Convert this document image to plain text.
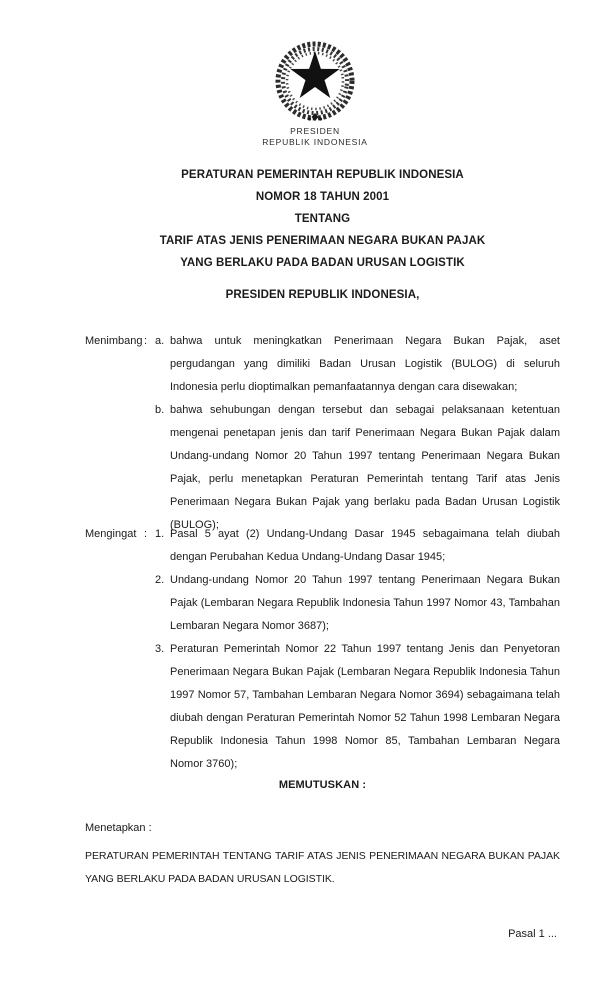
PRESIDEN
REPUBLIK INDONESIA
PERATURAN PEMERINTAH REPUBLIK INDONESIA
NOMOR 18 TAHUN 2001
TENTANG
TARIF ATAS JENIS PENERIMAAN NEGARA BUKAN PAJAK
YANG BERLAKU PADA BADAN URUSAN LOGISTIK
PRESIDEN REPUBLIK INDONESIA,
Menimbang : a. bahwa untuk meningkatkan Penerimaan Negara Bukan Pajak, aset pergudangan yang dimiliki Badan Urusan Logistik (BULOG) di seluruh Indonesia perlu dioptimalkan pemanfaatannya dengan cara disewakan;
b. bahwa sehubungan dengan tersebut dan sebagai pelaksanaan ketentuan mengenai penetapan jenis dan tarif Penerimaan Negara Bukan Pajak dalam Undang-undang Nomor 20 Tahun 1997 tentang Penerimaan Negara Bukan Pajak, perlu menetapkan Peraturan Pemerintah tentang Tarif atas Jenis Penerimaan Negara Bukan Pajak yang berlaku pada Badan Urusan Logistik (BULOG);
Mengingat : 1. Pasal 5 ayat (2) Undang-Undang Dasar 1945 sebagaimana telah diubah dengan Perubahan Kedua Undang-Undang Dasar 1945;
2. Undang-undang Nomor 20 Tahun 1997 tentang Penerimaan Negara Bukan Pajak (Lembaran Negara Republik Indonesia Tahun 1997 Nomor 43, Tambahan Lembaran Negara Nomor 3687);
3. Peraturan Pemerintah Nomor 22 Tahun 1997 tentang Jenis dan Penyetoran Penerimaan Negara Bukan Pajak (Lembaran Negara Republik Indonesia Tahun 1997 Nomor 57, Tambahan Lembaran Negara Nomor 3694) sebagaimana telah diubah dengan Peraturan Pemerintah Nomor 52 Tahun 1998 Lembaran Negara Republik Indonesia Tahun 1998 Nomor 85, Tambahan Lembaran Negara Nomor 3760);
MEMUTUSKAN :
Menetapkan :
PERATURAN PEMERINTAH TENTANG TARIF ATAS JENIS PENERIMAAN NEGARA BUKAN PAJAK YANG BERLAKU PADA BADAN URUSAN LOGISTIK.
Pasal 1 ...
